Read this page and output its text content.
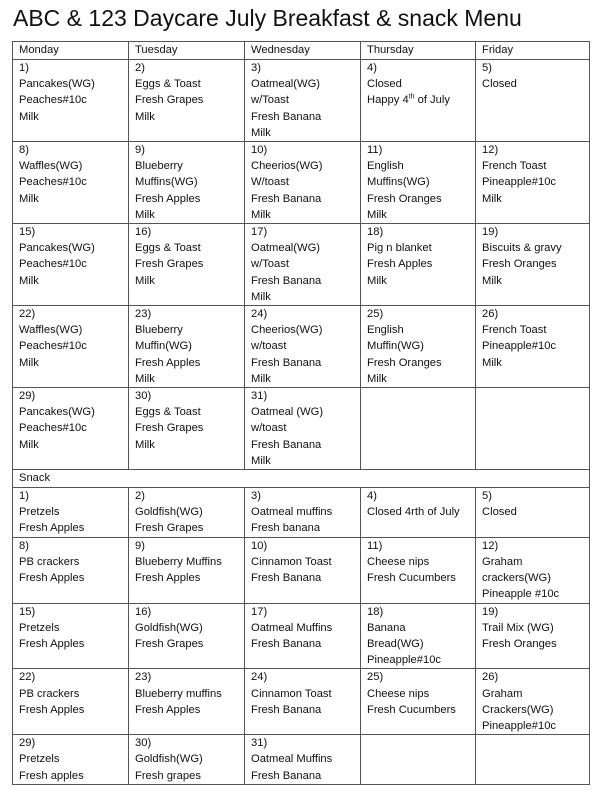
ABC & 123 Daycare July Breakfast & snack Menu
Monday	Tuesday	Wednesday	Thursday	Friday

1)
Pancakes(WG)
Peaches#10c
Milk	2)
Eggs & Toast
Fresh Grapes
Milk	3)
Oatmeal(WG)
w/Toast
Fresh Banana
Milk	4)
Closed
Happy 4th of July	5)
Closed

8)
Waffles(WG)
Peaches#10c
Milk	9)
Blueberry
Muffins(WG)
Fresh Apples
Milk	10)
Cheerios(WG)
W/toast
Fresh Banana
Milk	11)
English
Muffins(WG)
Fresh Oranges
Milk	12)
French Toast
Pineapple#10c
Milk

15)
Pancakes(WG)
Peaches#10c
Milk	16)
Eggs & Toast
Fresh Grapes
Milk	17)
Oatmeal(WG)
w/Toast
Fresh Banana
Milk	18)
Pig n blanket
Fresh Apples
Milk	19)
Biscuits & gravy
Fresh Oranges
Milk

22)
Waffles(WG)
Peaches#10c
Milk	23)
Blueberry
Muffin(WG)
Fresh Apples
Milk	24)
Cheerios(WG)
w/toast
Fresh Banana
Milk	25)
English
Muffin(WG)
Fresh Oranges
Milk	26)
French Toast
Pineapple#10c
Milk

29)
Pancakes(WG)
Peaches#10c
Milk	30)
Eggs & Toast
Fresh Grapes
Milk	31)
Oatmeal (WG)
w/toast
Fresh Banana
Milk		

Snack				

1)
Pretzels
Fresh Apples	2)
Goldfish(WG)
Fresh Grapes	3)
Oatmeal muffins
Fresh banana	4)
Closed 4rth of July	5)
Closed

8)
PB crackers
Fresh Apples	9)
Blueberry Muffins
Fresh Apples	10)
Cinnamon Toast
Fresh Banana	11)
Cheese nips
Fresh Cucumbers	12)
Graham
crackers(WG)
Pineapple #10c

15)
Pretzels
Fresh Apples	16)
Goldfish(WG)
Fresh Grapes	17)
Oatmeal Muffins
Fresh Banana	18)
Banana
Bread(WG)
Pineapple#10c	19)
Trail Mix (WG)
Fresh Oranges

22)
PB crackers
Fresh Apples	23)
Blueberry muffins
Fresh Apples	24)
Cinnamon Toast
Fresh Banana	25)
Cheese nips
Fresh Cucumbers	26)
Graham
Crackers(WG)
Pineapple#10c

29)
Pretzels
Fresh apples	30)
Goldfish(WG)
Fresh grapes	31)
Oatmeal Muffins
Fresh Banana		
